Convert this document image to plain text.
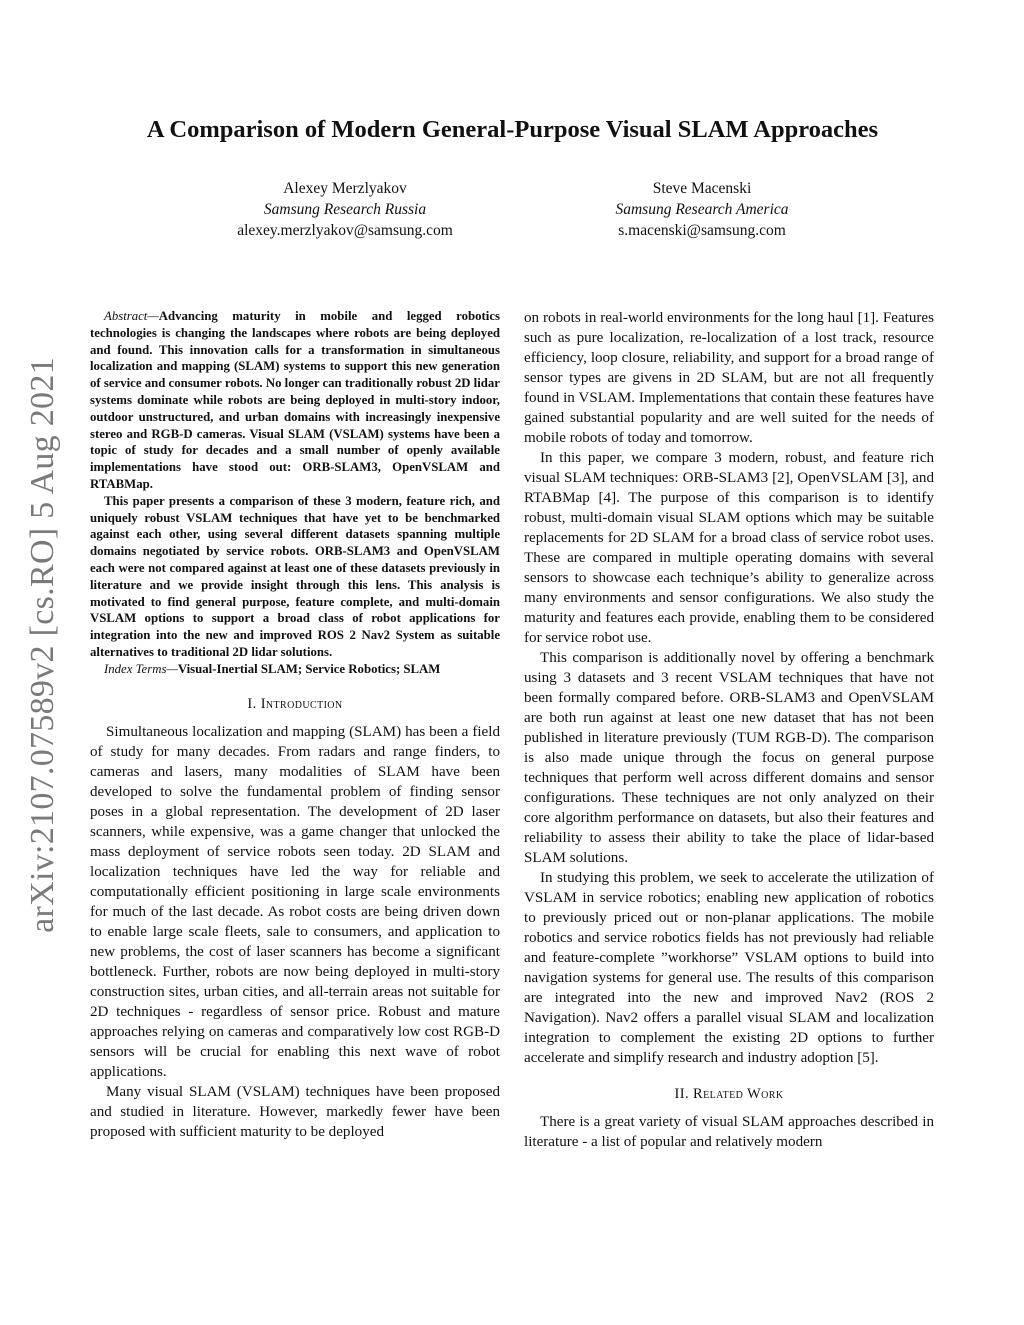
arXiv:2107.07589v2 [cs.RO] 5 Aug 2021
A Comparison of Modern General-Purpose Visual SLAM Approaches
Alexey Merzlyakov
Samsung Research Russia
alexey.merzlyakov@samsung.com
Steve Macenski
Samsung Research America
s.macenski@samsung.com

Abstract—Advancing maturity in mobile and legged robotics technologies is changing the landscapes where robots are being deployed and found. This innovation calls for a transformation in simultaneous localization and mapping (SLAM) systems to support this new generation of service and consumer robots. No longer can traditionally robust 2D lidar systems dominate while robots are being deployed in multi-story indoor, outdoor unstructured, and urban domains with increasingly inexpensive stereo and RGB-D cameras. Visual SLAM (VSLAM) systems have been a topic of study for decades and a small number of openly available implementations have stood out: ORB-SLAM3, OpenVSLAM and RTABMap.

This paper presents a comparison of these 3 modern, feature rich, and uniquely robust VSLAM techniques that have yet to be benchmarked against each other, using several different datasets spanning multiple domains negotiated by service robots. ORB-SLAM3 and OpenVSLAM each were not compared against at least one of these datasets previously in literature and we provide insight through this lens. This analysis is motivated to find general purpose, feature complete, and multi-domain VSLAM options to support a broad class of robot applications for integration into the new and improved ROS 2 Nav2 System as suitable alternatives to traditional 2D lidar solutions.

Index Terms—Visual-Inertial SLAM; Service Robotics; SLAM

I. Introduction

Simultaneous localization and mapping (SLAM) has been a field of study for many decades. From radars and range finders, to cameras and lasers, many modalities of SLAM have been developed to solve the fundamental problem of finding sensor poses in a global representation. The development of 2D laser scanners, while expensive, was a game changer that unlocked the mass deployment of service robots seen today. 2D SLAM and localization techniques have led the way for reliable and computationally efficient positioning in large scale environments for much of the last decade. As robot costs are being driven down to enable large scale fleets, sale to consumers, and application to new problems, the cost of laser scanners has become a significant bottleneck. Further, robots are now being deployed in multi-story construction sites, urban cities, and all-terrain areas not suitable for 2D techniques - regardless of sensor price. Robust and mature approaches relying on cameras and comparatively low cost RGB-D sensors will be crucial for enabling this next wave of robot applications.

Many visual SLAM (VSLAM) techniques have been proposed and studied in literature. However, markedly fewer have been proposed with sufficient maturity to be deployed

on robots in real-world environments for the long haul [1]. Features such as pure localization, re-localization of a lost track, resource efficiency, loop closure, reliability, and support for a broad range of sensor types are givens in 2D SLAM, but are not all frequently found in VSLAM. Implementations that contain these features have gained substantial popularity and are well suited for the needs of mobile robots of today and tomorrow.

In this paper, we compare 3 modern, robust, and feature rich visual SLAM techniques: ORB-SLAM3 [2], OpenVSLAM [3], and RTABMap [4]. The purpose of this comparison is to identify robust, multi-domain visual SLAM options which may be suitable replacements for 2D SLAM for a broad class of service robot uses. These are compared in multiple operating domains with several sensors to showcase each technique’s ability to generalize across many environments and sensor configurations. We also study the maturity and features each provide, enabling them to be considered for service robot use.

This comparison is additionally novel by offering a benchmark using 3 datasets and 3 recent VSLAM techniques that have not been formally compared before. ORB-SLAM3 and OpenVSLAM are both run against at least one new dataset that has not been published in literature previously (TUM RGB-D). The comparison is also made unique through the focus on general purpose techniques that perform well across different domains and sensor configurations. These techniques are not only analyzed on their core algorithm performance on datasets, but also their features and reliability to assess their ability to take the place of lidar-based SLAM solutions.

In studying this problem, we seek to accelerate the utilization of VSLAM in service robotics; enabling new application of robotics to previously priced out or non-planar applications. The mobile robotics and service robotics fields has not previously had reliable and feature-complete ”workhorse” VSLAM options to build into navigation systems for general use. The results of this comparison are integrated into the new and improved Nav2 (ROS 2 Navigation). Nav2 offers a parallel visual SLAM and localization integration to complement the existing 2D options to further accelerate and simplify research and industry adoption [5].

II. Related Work

There is a great variety of visual SLAM approaches described in literature - a list of popular and relatively modern
